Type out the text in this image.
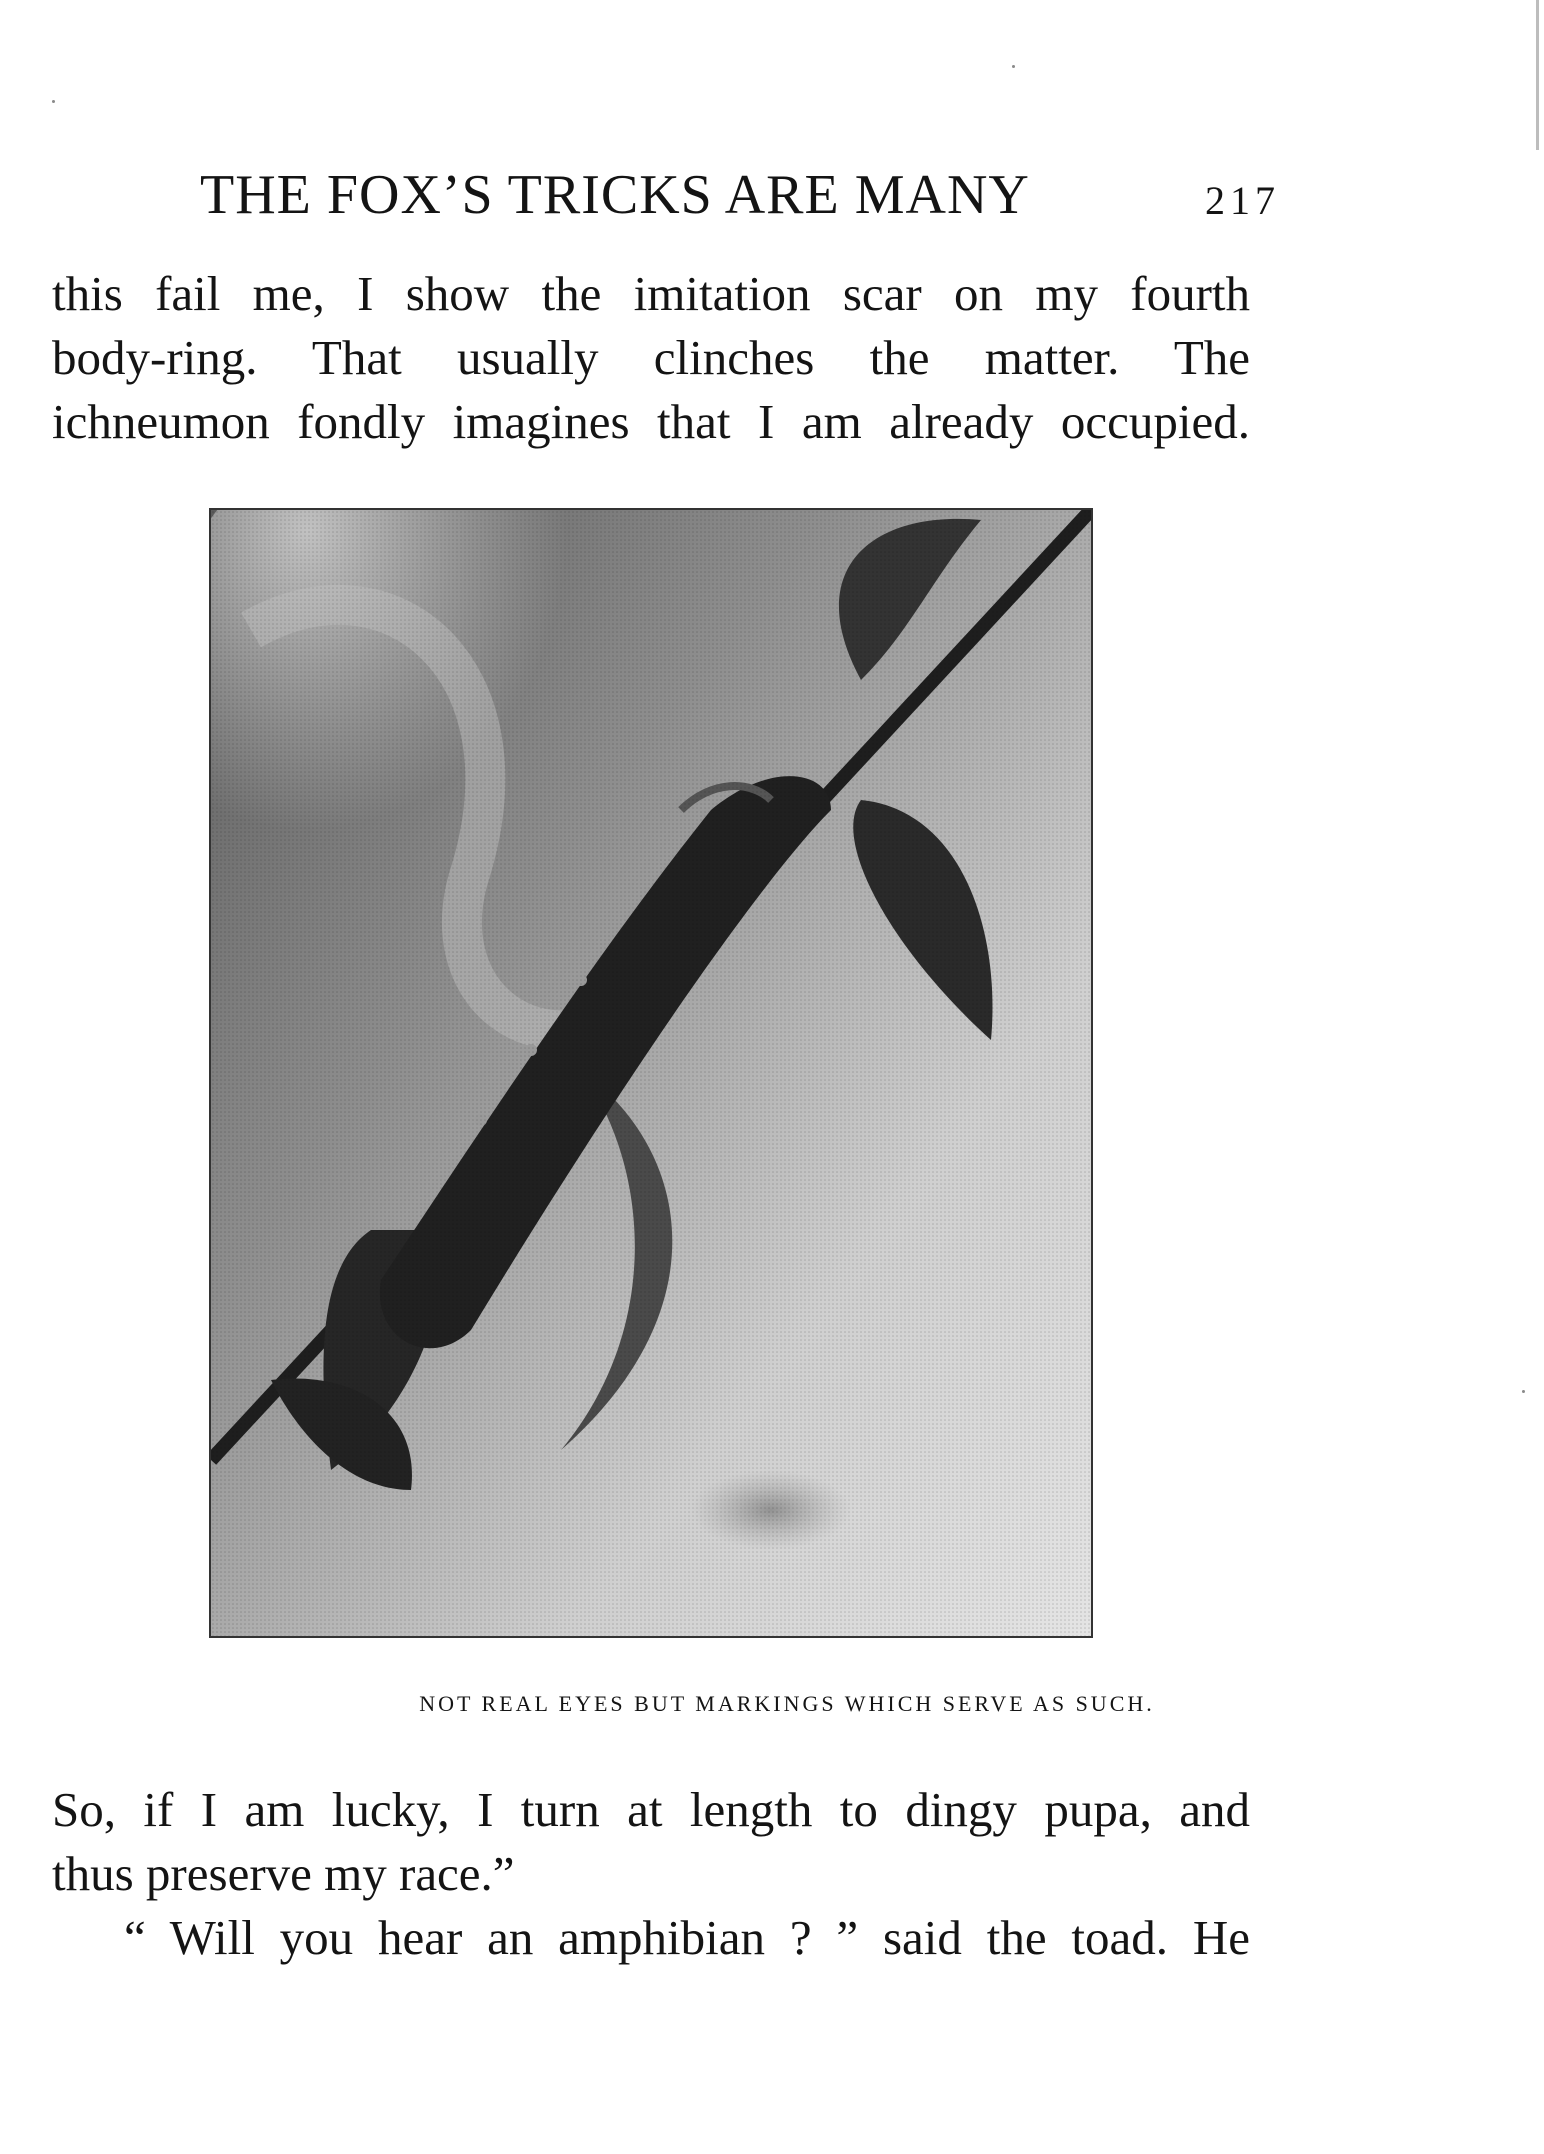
THE FOX’S TRICKS ARE MANY	217
this fail me, I show the imitation scar on my fourth
body-ring. That usually clinches the matter. The
ichneumon fondly imagines that I am already occupied.
NOT REAL EYES BUT MARKINGS WHICH SERVE AS SUCH.
So, if I am lucky, I turn at length to dingy pupa, and
thus preserve my race.”
“ Will you hear an amphibian ? ” said the toad. He
